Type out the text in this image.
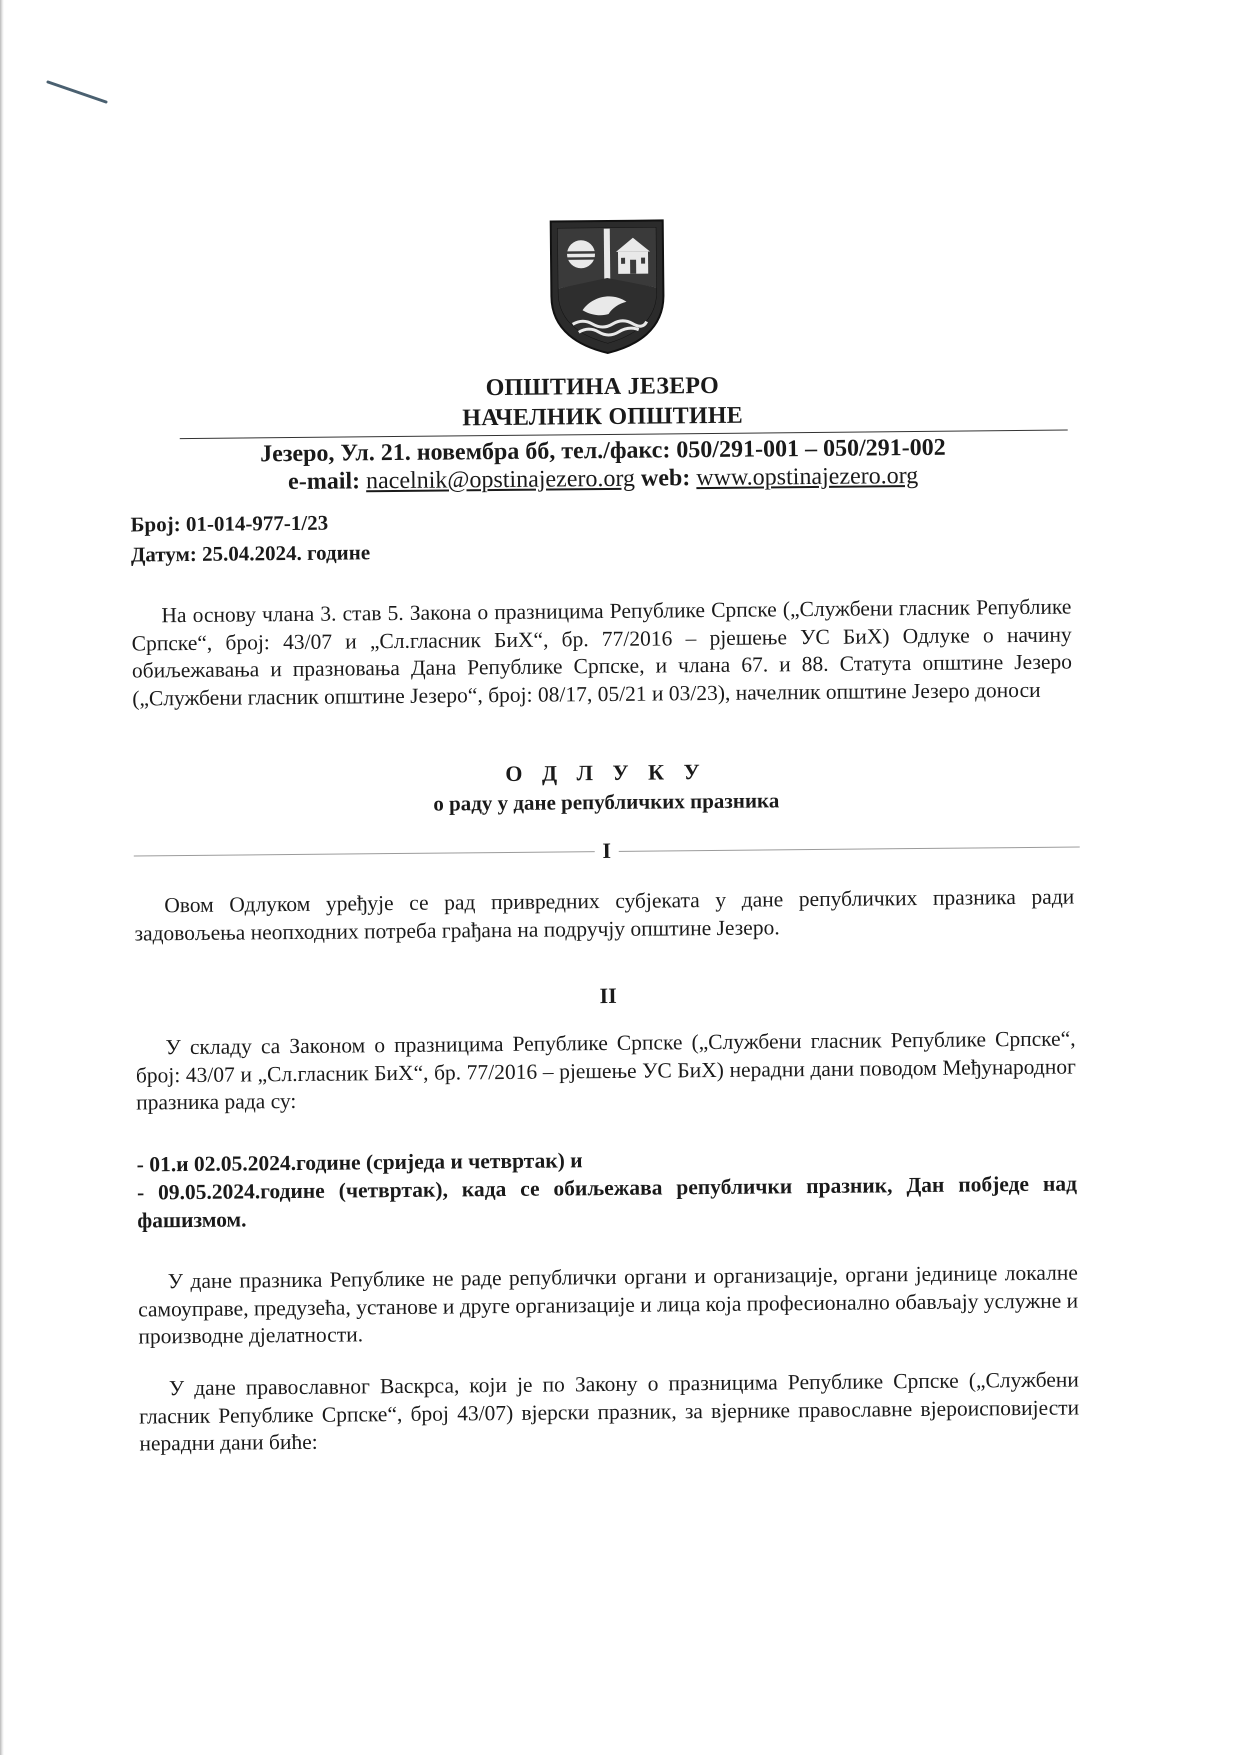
ОПШТИНА ЈЕЗЕРО
НАЧЕЛНИК ОПШТИНЕ
Језеро, Ул. 21. новембра бб, тел./факс: 050/291-001 – 050/291-002
e-mail: nacelnik@opstinajezero.org web: www.opstinajezero.org
Број: 01-014-977-1/23
Датум: 25.04.2024. године

На основу члана 3. став 5. Закона о празницима Републике Српске („Службени гласник Републике Српске“, број: 43/07 и „Сл.гласник БиХ“, бр. 77/2016 – рјешење УС БиХ) Одлуке о начину обиљежавања и празновања Дана Републике Српске, и члана 67. и 88. Статута општине Језеро („Службени гласник општине Језеро“, број: 08/17, 05/21 и 03/23), начелник општине Језеро доноси

О Д Л У К У
о раду у дане републичких празника
I

Овом Одлуком уређује се рад привредних субјеката у дане републичких празника ради задовољења неопходних потреба грађана на подручју општине Језеро.

II

У складу са Законом о празницима Републике Српске („Службени гласник Републике Српске“, број: 43/07 и „Сл.гласник БиХ“, бр. 77/2016 – рјешење УС БиХ) нерадни дани поводом Међународног празника рада су:

- 01.и 02.05.2024.године (сриједа и четвртак) и

- 09.05.2024.године (четвртак), када се обиљежава републички празник, Дан побједе над фашизмом.

У дане празника Републике не раде републички органи и организације, органи јединице локалне самоуправе, предузећа, установе и друге организације и лица која професионално обављају услужне и производне дјелатности.

У дане православног Васкрса, који је по Закону о празницима Републике Српске („Службени гласник Републике Српске“, број 43/07) вјерски празник, за вјернике православне вјероисповијести нерадни дани биће:
